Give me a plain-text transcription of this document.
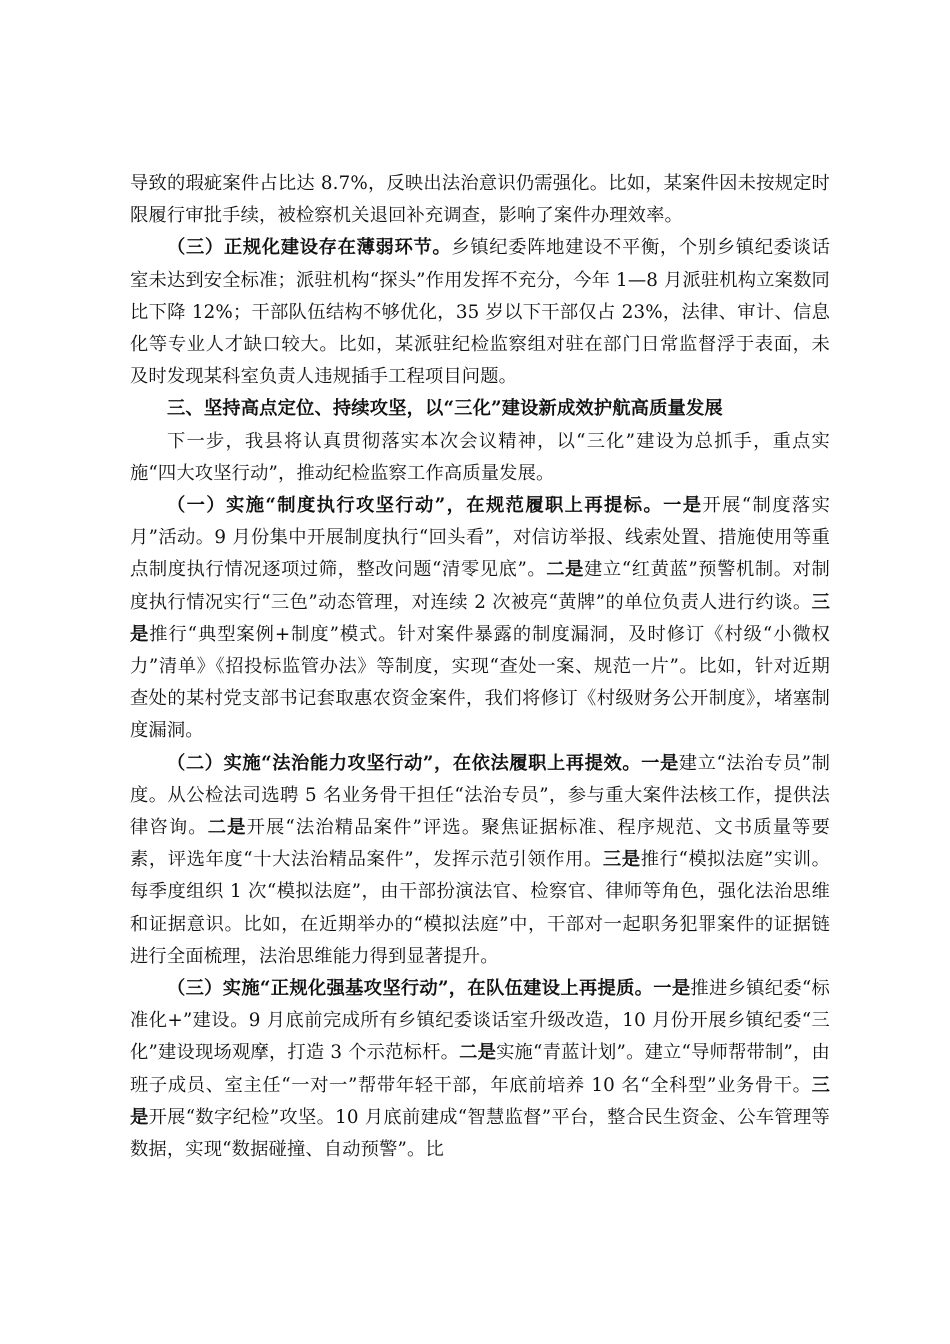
导致的瑕疵案件占比达 8.7%，反映出法治意识仍需强化。比如，某案件因未按规定时限履行审批手续，被检察机关退回补充调查，影响了案件办理效率。

（三）正规化建设存在薄弱环节。乡镇纪委阵地建设不平衡，个别乡镇纪委谈话室未达到安全标准；派驻机构“探头”作用发挥不充分，今年 1—8 月派驻机构立案数同比下降 12%；干部队伍结构不够优化，35 岁以下干部仅占 23%，法律、审计、信息化等专业人才缺口较大。比如，某派驻纪检监察组对驻在部门日常监督浮于表面，未及时发现某科室负责人违规插手工程项目问题。

三、坚持高点定位、持续攻坚，以“三化”建设新成效护航高质量发展

下一步，我县将认真贯彻落实本次会议精神，以“三化”建设为总抓手，重点实施“四大攻坚行动”，推动纪检监察工作高质量发展。

（一）实施“制度执行攻坚行动”，在规范履职上再提标。一是开展“制度落实月”活动。9 月份集中开展制度执行“回头看”，对信访举报、线索处置、措施使用等重点制度执行情况逐项过筛，整改问题“清零见底”。二是建立“红黄蓝”预警机制。对制度执行情况实行“三色”动态管理，对连续 2 次被亮“黄牌”的单位负责人进行约谈。三是推行“典型案例+制度”模式。针对案件暴露的制度漏洞，及时修订《村级“小微权力”清单》《招投标监管办法》等制度，实现“查处一案、规范一片”。比如，针对近期查处的某村党支部书记套取惠农资金案件，我们将修订《村级财务公开制度》，堵塞制度漏洞。

（二）实施“法治能力攻坚行动”，在依法履职上再提效。一是建立“法治专员”制度。从公检法司选聘 5 名业务骨干担任“法治专员”，参与重大案件法核工作，提供法律咨询。二是开展“法治精品案件”评选。聚焦证据标准、程序规范、文书质量等要素，评选年度“十大法治精品案件”，发挥示范引领作用。三是推行“模拟法庭”实训。每季度组织 1 次“模拟法庭”，由干部扮演法官、检察官、律师等角色，强化法治思维和证据意识。比如，在近期举办的“模拟法庭”中，干部对一起职务犯罪案件的证据链进行全面梳理，法治思维能力得到显著提升。

（三）实施“正规化强基攻坚行动”，在队伍建设上再提质。一是推进乡镇纪委“标准化+”建设。9 月底前完成所有乡镇纪委谈话室升级改造，10 月份开展乡镇纪委“三化”建设现场观摩，打造 3 个示范标杆。二是实施“青蓝计划”。建立“导师帮带制”，由班子成员、室主任“一对一”帮带年轻干部，年底前培养 10 名“全科型”业务骨干。三是开展“数字纪检”攻坚。10 月底前建成“智慧监督”平台，整合民生资金、公车管理等数据，实现“数据碰撞、自动预警”。比
